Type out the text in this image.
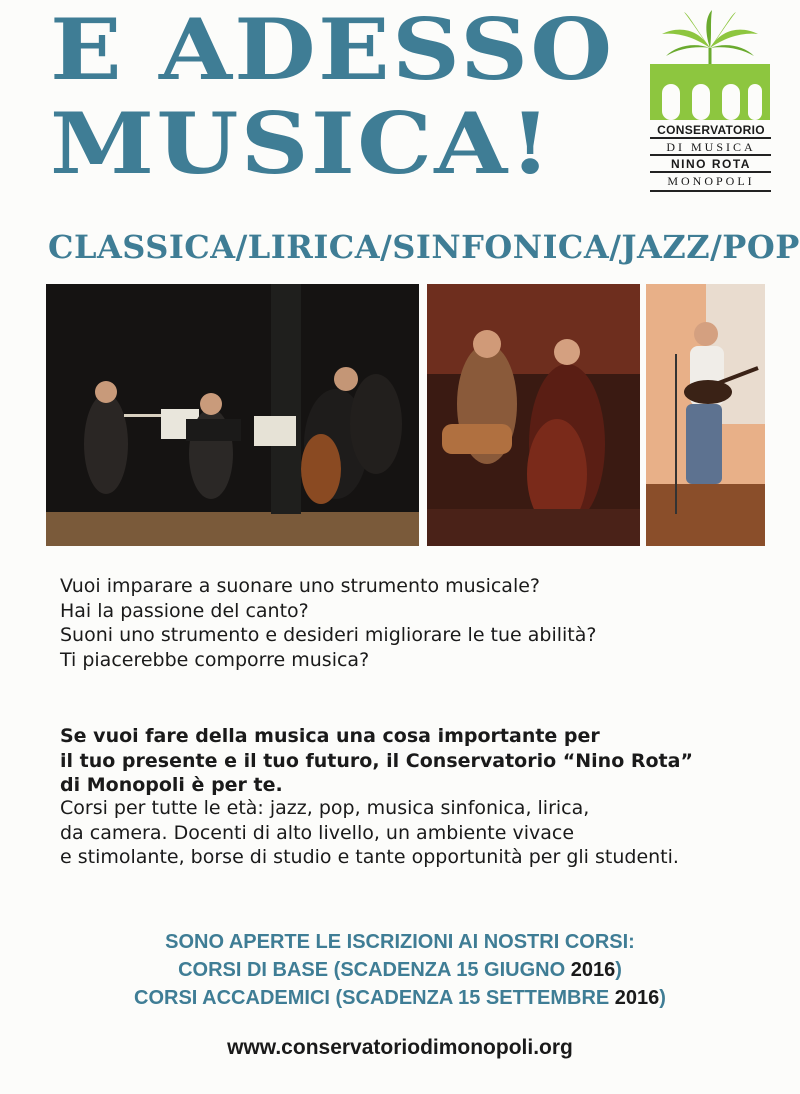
E ADESSO
MUSICA!
CLASSICA/LIRICA/SINFONICA/JAZZ/POP

CONSERVATORIO

DI MUSICA

NINO ROTA

MONOPOLI

Vuoi imparare a suonare uno strumento musicale?
Hai la passione del canto?
Suoni uno strumento e desideri migliorare le tue abilità?
Ti piacerebbe comporre musica?

Se vuoi fare della musica una cosa importante per
il tuo presente e il tuo futuro, il Conservatorio “Nino Rota”
di Monopoli è per te.

Corsi per tutte le età: jazz, pop, musica sinfonica, lirica,
da camera. Docenti di alto livello, un ambiente vivace
e stimolante, borse di studio e tante opportunità per gli studenti.

SONO APERTE LE ISCRIZIONI AI NOSTRI CORSI:

CORSI DI BASE (SCADENZA 15 GIUGNO 2016)

CORSI ACCADEMICI (SCADENZA 15 SETTEMBRE 2016)

www.conservatoriodimonopoli.org
